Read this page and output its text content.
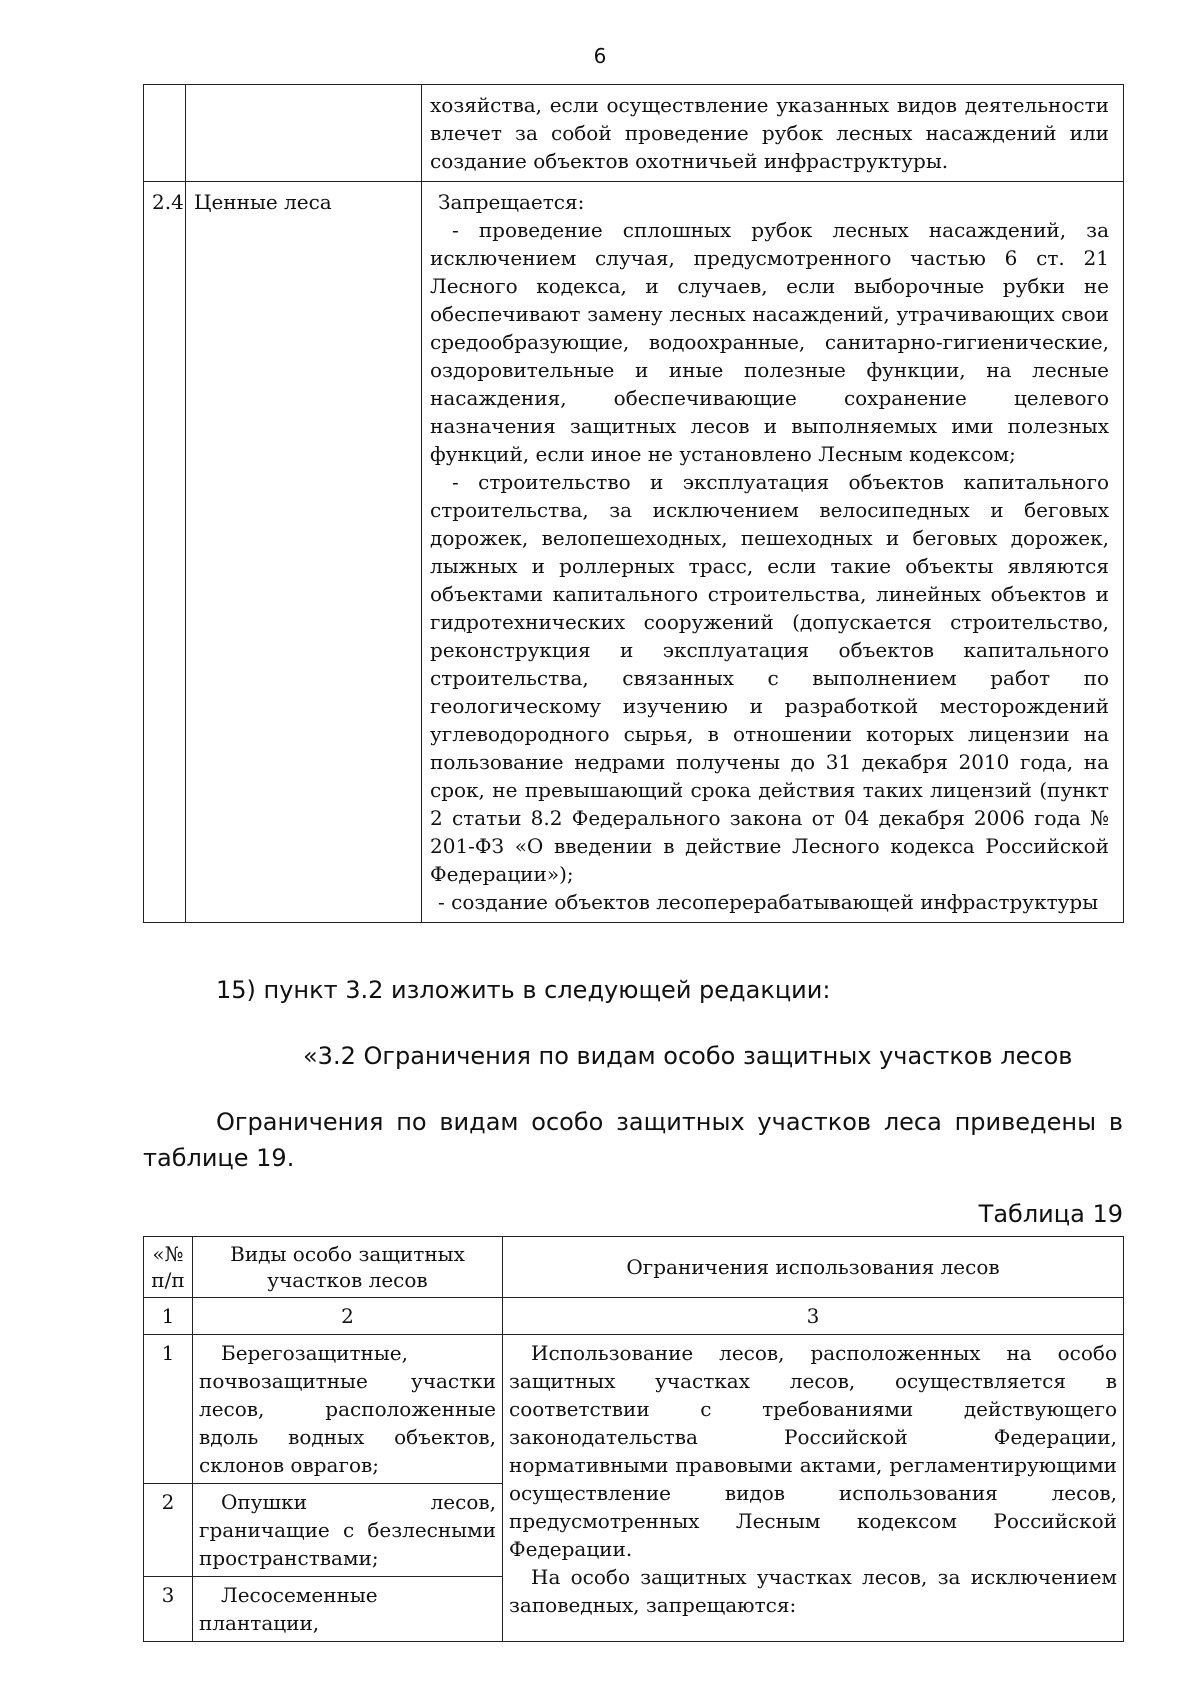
6
		хозяйства, если осуществление указанных видов деятельности влечет за собой проведение рубок лесных насаждений или создание объектов охотничьей инфраструктуры.
2.4	Ценные леса	Запрещается:

- проведение сплошных рубок лесных насаждений, за исключением случая, предусмотренного частью 6 ст. 21 Лесного кодекса, и случаев, если выборочные рубки не обеспечивают замену лесных насаждений, утрачивающих свои средообразующие, водоохранные, санитарно-гигиенические, оздоровительные и иные полезные функции, на лесные насаждения, обеспечивающие сохранение целевого назначения защитных лесов и выполняемых ими полезных функций, если иное не установлено Лесным кодексом;

- строительство и эксплуатация объектов капитального строительства, за исключением велосипедных и беговых дорожек, велопешеходных, пешеходных и беговых дорожек, лыжных и роллерных трасс, если такие объекты являются объектами капитального строительства, линейных объектов и гидротехнических сооружений (допускается строительство, реконструкция и эксплуатация объектов капитального строительства, связанных с выполнением работ по геологическому изучению и разработкой месторождений углеводородного сырья, в отношении которых лицензии на пользование недрами получены до 31 декабря 2010 года, на срок, не превышающий срока действия таких лицензий (пункт 2 статьи 8.2 Федерального закона от 04 декабря 2006 года № 201-ФЗ «О введении в действие Лесного кодекса Российской Федерации»);

- создание объектов лесоперерабатывающей инфраструктуры

15) пункт 3.2 изложить в следующей редакции:
«3.2 Ограничения по видам особо защитных участков лесов
Ограничения по видам особо защитных участков леса приведены в таблице 19.
Таблица 19
«№ п/п	Виды особо защитных участков лесов	Ограничения использования лесов
1	2	3
1	Берегозащитные, почвозащитные участки лесов, расположенные вдоль водных объектов, склонов оврагов;	Использование лесов, расположенных на особо защитных участках лесов, осуществляется в соответствии с требованиями действующего законодательства Российской Федерации, нормативными правовыми актами, регламентирующими осуществление видов использования лесов, предусмотренных Лесным кодексом Российской Федерации.

На особо защитных участках лесов, за исключением заповедных, запрещаются:

2	Опушки лесов, граничащие с безлесными пространствами;	
3	Лесосеменные плантации,	
